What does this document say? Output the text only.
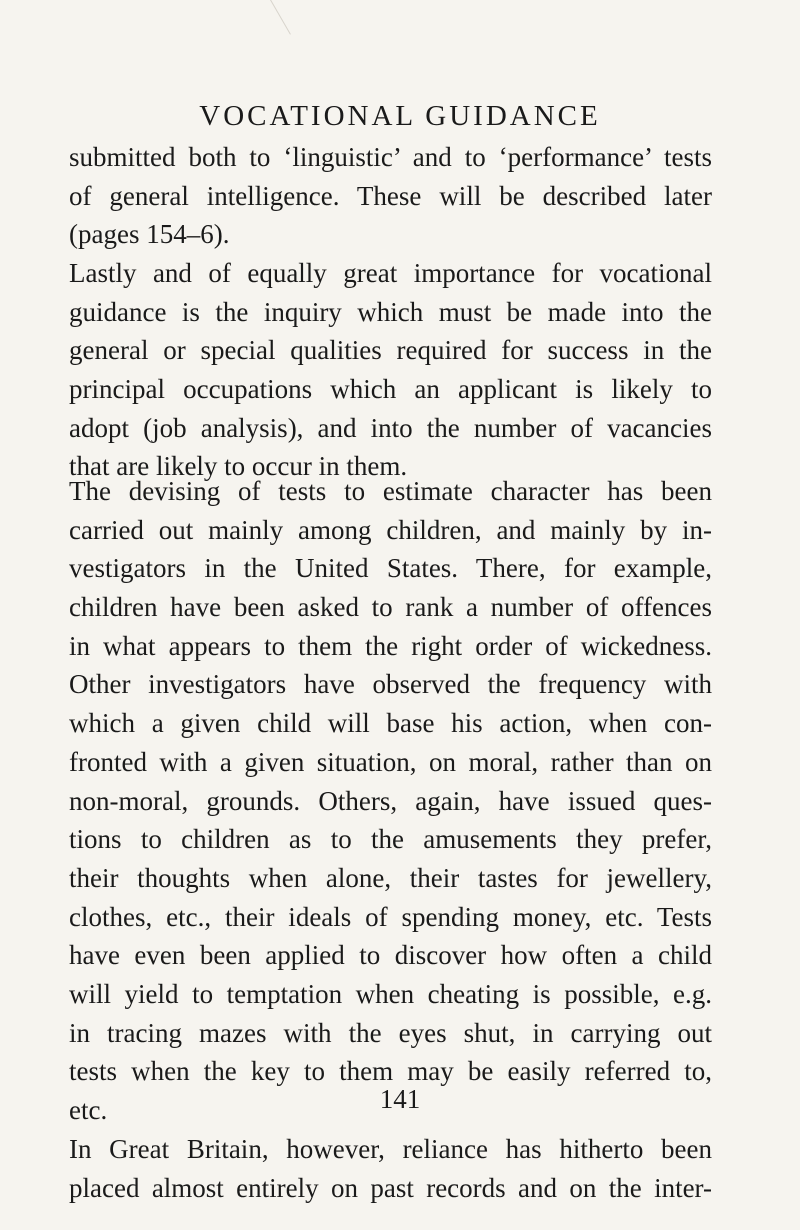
VOCATIONAL GUIDANCE
submitted both to ‘linguistic’ and to ‘performance’ tests
of general intelligence. These will be described later
(pages 154–6).
Lastly and of equally great importance for vocational
guidance is the inquiry which must be made into the
general or special qualities required for success in the
principal occupations which an applicant is likely to
adopt (job analysis), and into the number of vacancies
that are likely to occur in them.
The devising of tests to estimate character has been
carried out mainly among children, and mainly by in-
vestigators in the United States. There, for example,
children have been asked to rank a number of offences
in what appears to them the right order of wickedness.
Other investigators have observed the frequency with
which a given child will base his action, when con-
fronted with a given situation, on moral, rather than on
non-moral, grounds. Others, again, have issued ques-
tions to children as to the amusements they prefer,
their thoughts when alone, their tastes for jewellery,
clothes, etc., their ideals of spending money, etc. Tests
have even been applied to discover how often a child
will yield to temptation when cheating is possible, e.g.
in tracing mazes with the eyes shut, in carrying out
tests when the key to them may be easily referred to,
etc.
In Great Britain, however, reliance has hitherto been
placed almost entirely on past records and on the inter-
141
